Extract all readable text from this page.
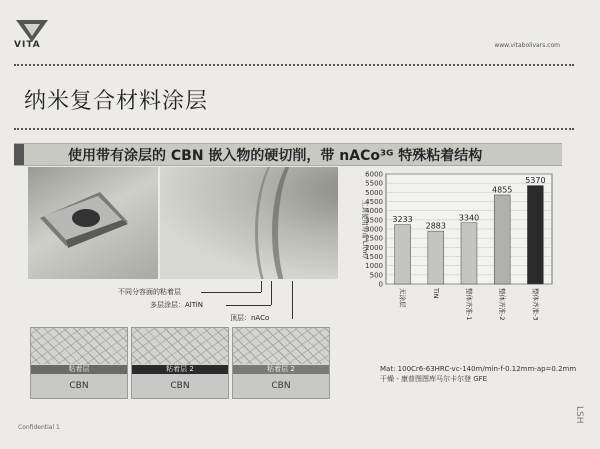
VITA	www.vitabolivars.com
纳米复合材料涂层
使用带有涂层的 CBN 嵌入物的硬切削，带 nACo³ᴳ 特殊粘着结构
不同分容面的粘着层
多层涂层：AlTiN
顶层：nACo
粘着层
CBN
粘着层 2
CBN
粘着层 2
CBN
0
500
1000
1500
2000
2500
3000
3500
4000
4500
5000
5500
6000
工具使用寿命 Lf(m)	3233
无涂层
2883
TiN
3340
整体齐准-1
4855
整体齐准-2
5370
整体齐准-3
Mat: 100Cr6-63HRC-vc-140m/min-f-0.12mm-ap=0.2mm 干燥 - 康普图图库马尔卡尔登 GFE
Confidential 1
LSH
